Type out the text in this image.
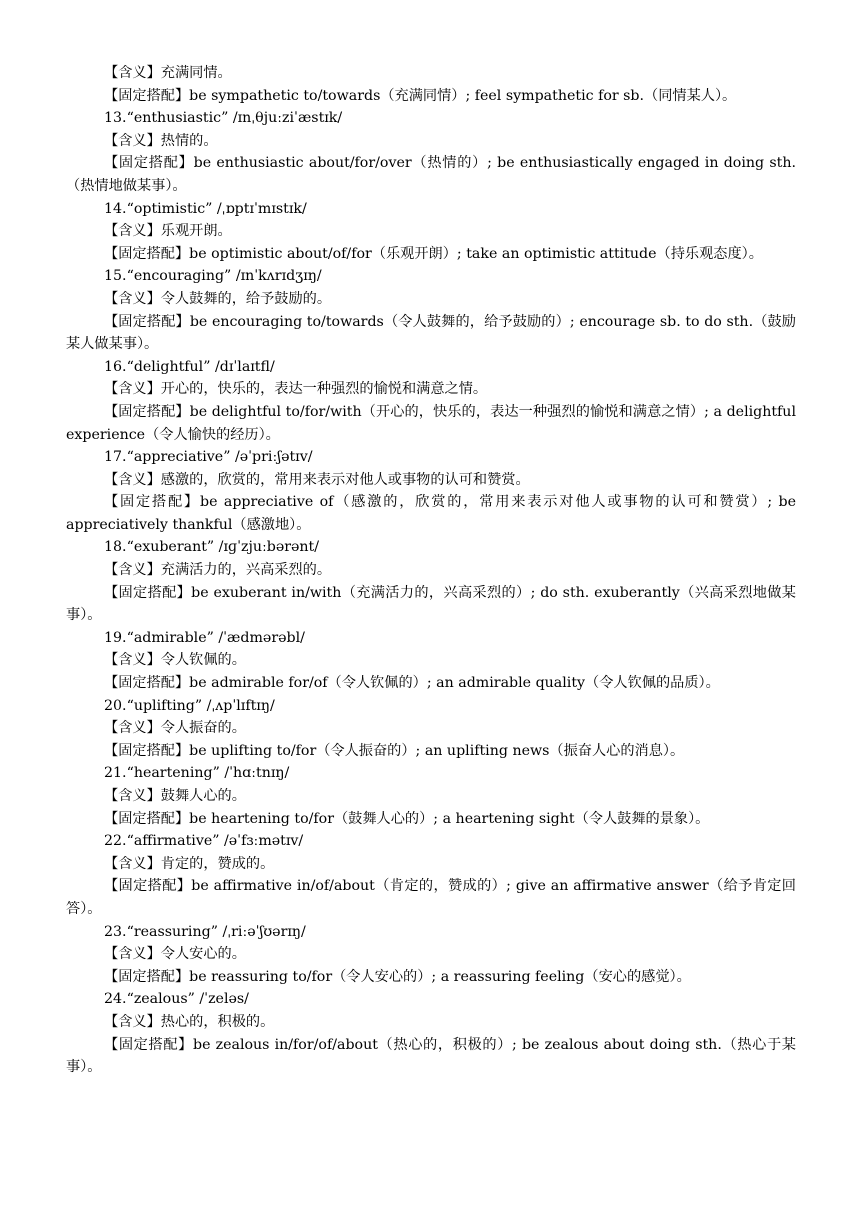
【含义】充满同情。

【固定搭配】be sympathetic to/towards（充满同情）; feel sympathetic for sb.（同情某人）。

13.“enthusiastic” /ɪnˌθjuːziˈæstɪk/
【含义】热情的。

【固定搭配】be enthusiastic about/for/over（热情的）; be enthusiastically engaged in doing sth.（热情地做某事）。

14.“optimistic” /ˌɒptɪˈmɪstɪk/
【含义】乐观开朗。

【固定搭配】be optimistic about/of/for（乐观开朗）; take an optimistic attitude（持乐观态度）。

15.“encouraging” /ɪnˈkʌrɪdʒɪŋ/
【含义】令人鼓舞的，给予鼓励的。

【固定搭配】be encouraging to/towards（令人鼓舞的，给予鼓励的）; encourage sb. to do sth.（鼓励某人做某事）。

16.“delightful” /dɪˈlaɪtfl/
【含义】开心的，快乐的，表达一种强烈的愉悦和满意之情。

【固定搭配】be delightful to/for/with（开心的，快乐的，表达一种强烈的愉悦和满意之情）; a delightful experience（令人愉快的经历）。

17.“appreciative” /əˈpriːʃətɪv/
【含义】感激的，欣赏的，常用来表示对他人或事物的认可和赞赏。

【固定搭配】be appreciative of（感激的，欣赏的，常用来表示对他人或事物的认可和赞赏）; be appreciatively thankful（感激地）。

18.“exuberant” /ɪɡˈzjuːbərənt/
【含义】充满活力的，兴高采烈的。

【固定搭配】be exuberant in/with（充满活力的，兴高采烈的）; do sth. exuberantly（兴高采烈地做某事）。

19.“admirable” /ˈædmərəbl/
【含义】令人钦佩的。

【固定搭配】be admirable for/of（令人钦佩的）; an admirable quality（令人钦佩的品质）。

20.“uplifting” /ˌʌpˈlɪftɪŋ/
【含义】令人振奋的。
【固定搭配】be uplifting to/for（令人振奋的）; an uplifting news（振奋人心的消息）。
21.“heartening” /ˈhɑːtnɪŋ/
【含义】鼓舞人心的。
【固定搭配】be heartening to/for（鼓舞人心的）; a heartening sight（令人鼓舞的景象）。
22.“affirmative” /əˈfɜːmətɪv/
【含义】肯定的，赞成的。

【固定搭配】be affirmative in/of/about（肯定的，赞成的）; give an affirmative answer（给予肯定回答）。

23.“reassuring” /ˌriːəˈʃʊərɪŋ/
【含义】令人安心的。
【固定搭配】be reassuring to/for（令人安心的）; a reassuring feeling（安心的感觉）。
24.“zealous” /ˈzeləs/
【含义】热心的，积极的。

【固定搭配】be zealous in/for/of/about（热心的，积极的）; be zealous about doing sth.（热心于某事）。
